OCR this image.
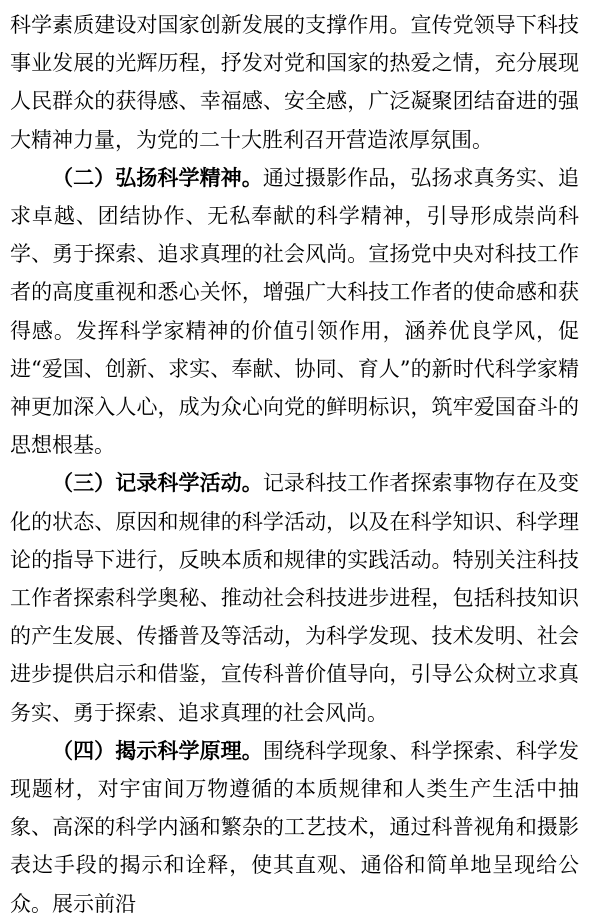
科学素质建设对国家创新发展的支撑作用。宣传党领导下科技事业发展的光辉历程，抒发对党和国家的热爱之情，充分展现人民群众的获得感、幸福感、安全感，广泛凝聚团结奋进的强大精神力量，为党的二十大胜利召开营造浓厚氛围。

（二）弘扬科学精神。通过摄影作品，弘扬求真务实、追求卓越、团结协作、无私奉献的科学精神，引导形成崇尚科学、勇于探索、追求真理的社会风尚。宣扬党中央对科技工作者的高度重视和悉心关怀，增强广大科技工作者的使命感和获得感。发挥科学家精神的价值引领作用，涵养优良学风，促进“爱国、创新、求实、奉献、协同、育人”的新时代科学家精神更加深入人心，成为众心向党的鲜明标识，筑牢爱国奋斗的思想根基。

（三）记录科学活动。记录科技工作者探索事物存在及变化的状态、原因和规律的科学活动，以及在科学知识、科学理论的指导下进行，反映本质和规律的实践活动。特别关注科技工作者探索科学奥秘、推动社会科技进步进程，包括科技知识的产生发展、传播普及等活动，为科学发现、技术发明、社会进步提供启示和借鉴，宣传科普价值导向，引导公众树立求真务实、勇于探索、追求真理的社会风尚。

（四）揭示科学原理。围绕科学现象、科学探索、科学发现题材，对宇宙间万物遵循的本质规律和人类生产生活中抽象、高深的科学内涵和繁杂的工艺技术，通过科普视角和摄影表达手段的揭示和诠释，使其直观、通俗和简单地呈现给公众。展示前沿
